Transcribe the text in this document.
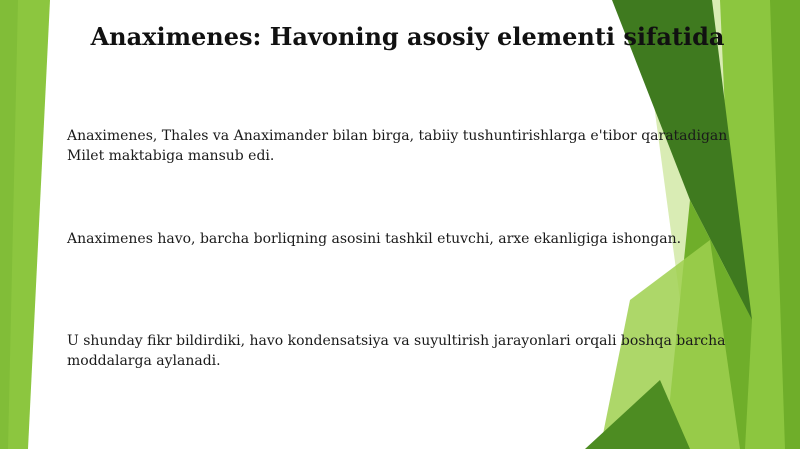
Anaximenes: Havoning asosiy elementi sifatida
Anaximenes, Thales va Anaximander bilan birga, tabiiy tushuntirishlarga e'tibor qaratadigan Milet maktabiga mansub edi.
Anaximenes havo, barcha borliqning asosini tashkil etuvchi, arxe ekanligiga ishongan.
U shunday fikr bildirdiki, havo kondensatsiya va suyultirish jarayonlari orqali boshqa barcha moddalarga aylanadi.
